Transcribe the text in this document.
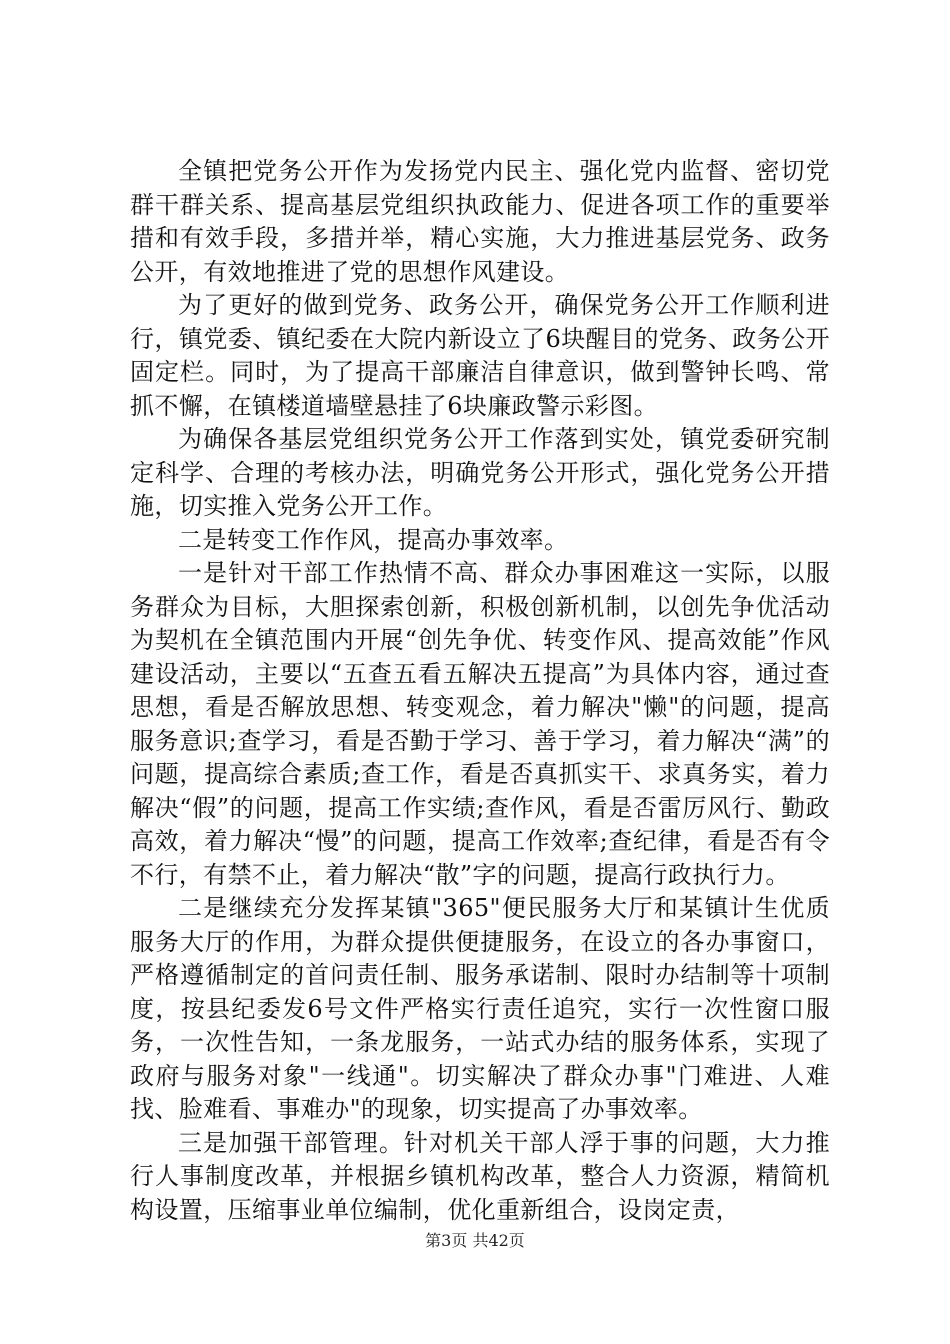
全镇把党务公开作为发扬党内民主、强化党内监督、密切党群干群关系、提高基层党组织执政能力、促进各项工作的重要举措和有效手段，多措并举，精心实施，大力推进基层党务、政务公开，有效地推进了党的思想作风建设。

为了更好的做到党务、政务公开，确保党务公开工作顺利进行，镇党委、镇纪委在大院内新设立了6块醒目的党务、政务公开固定栏。同时，为了提高干部廉洁自律意识，做到警钟长鸣、常抓不懈，在镇楼道墙壁悬挂了6块廉政警示彩图。

为确保各基层党组织党务公开工作落到实处，镇党委研究制定科学、合理的考核办法，明确党务公开形式，强化党务公开措施，切实推入党务公开工作。

二是转变工作作风，提高办事效率。

一是针对干部工作热情不高、群众办事困难这一实际，以服务群众为目标，大胆探索创新，积极创新机制，以创先争优活动为契机在全镇范围内开展“创先争优、转变作风、提高效能”作风建设活动，主要以“五查五看五解决五提高”为具体内容，通过查思想，看是否解放思想、转变观念，着力解决"懒"的问题，提高服务意识;查学习，看是否勤于学习、善于学习，着力解决“满”的问题，提高综合素质;查工作，看是否真抓实干、求真务实，着力解决“假”的问题，提高工作实绩;查作风，看是否雷厉风行、勤政高效，着力解决“慢”的问题，提高工作效率;查纪律，看是否有令不行，有禁不止，着力解决“散”字的问题，提高行政执行力。

二是继续充分发挥某镇"365"便民服务大厅和某镇计生优质服务大厅的作用，为群众提供便捷服务，在设立的各办事窗口，严格遵循制定的首问责任制、服务承诺制、限时办结制等十项制度，按县纪委发6号文件严格实行责任追究，实行一次性窗口服务，一次性告知，一条龙服务，一站式办结的服务体系，实现了政府与服务对象"一线通"。切实解决了群众办事"门难进、人难找、脸难看、事难办"的现象，切实提高了办事效率。

三是加强干部管理。针对机关干部人浮于事的问题，大力推行人事制度改革，并根据乡镇机构改革，整合人力资源，精简机构设置，压缩事业单位编制，优化重新组合，设岗定责，

第3页 共42页
